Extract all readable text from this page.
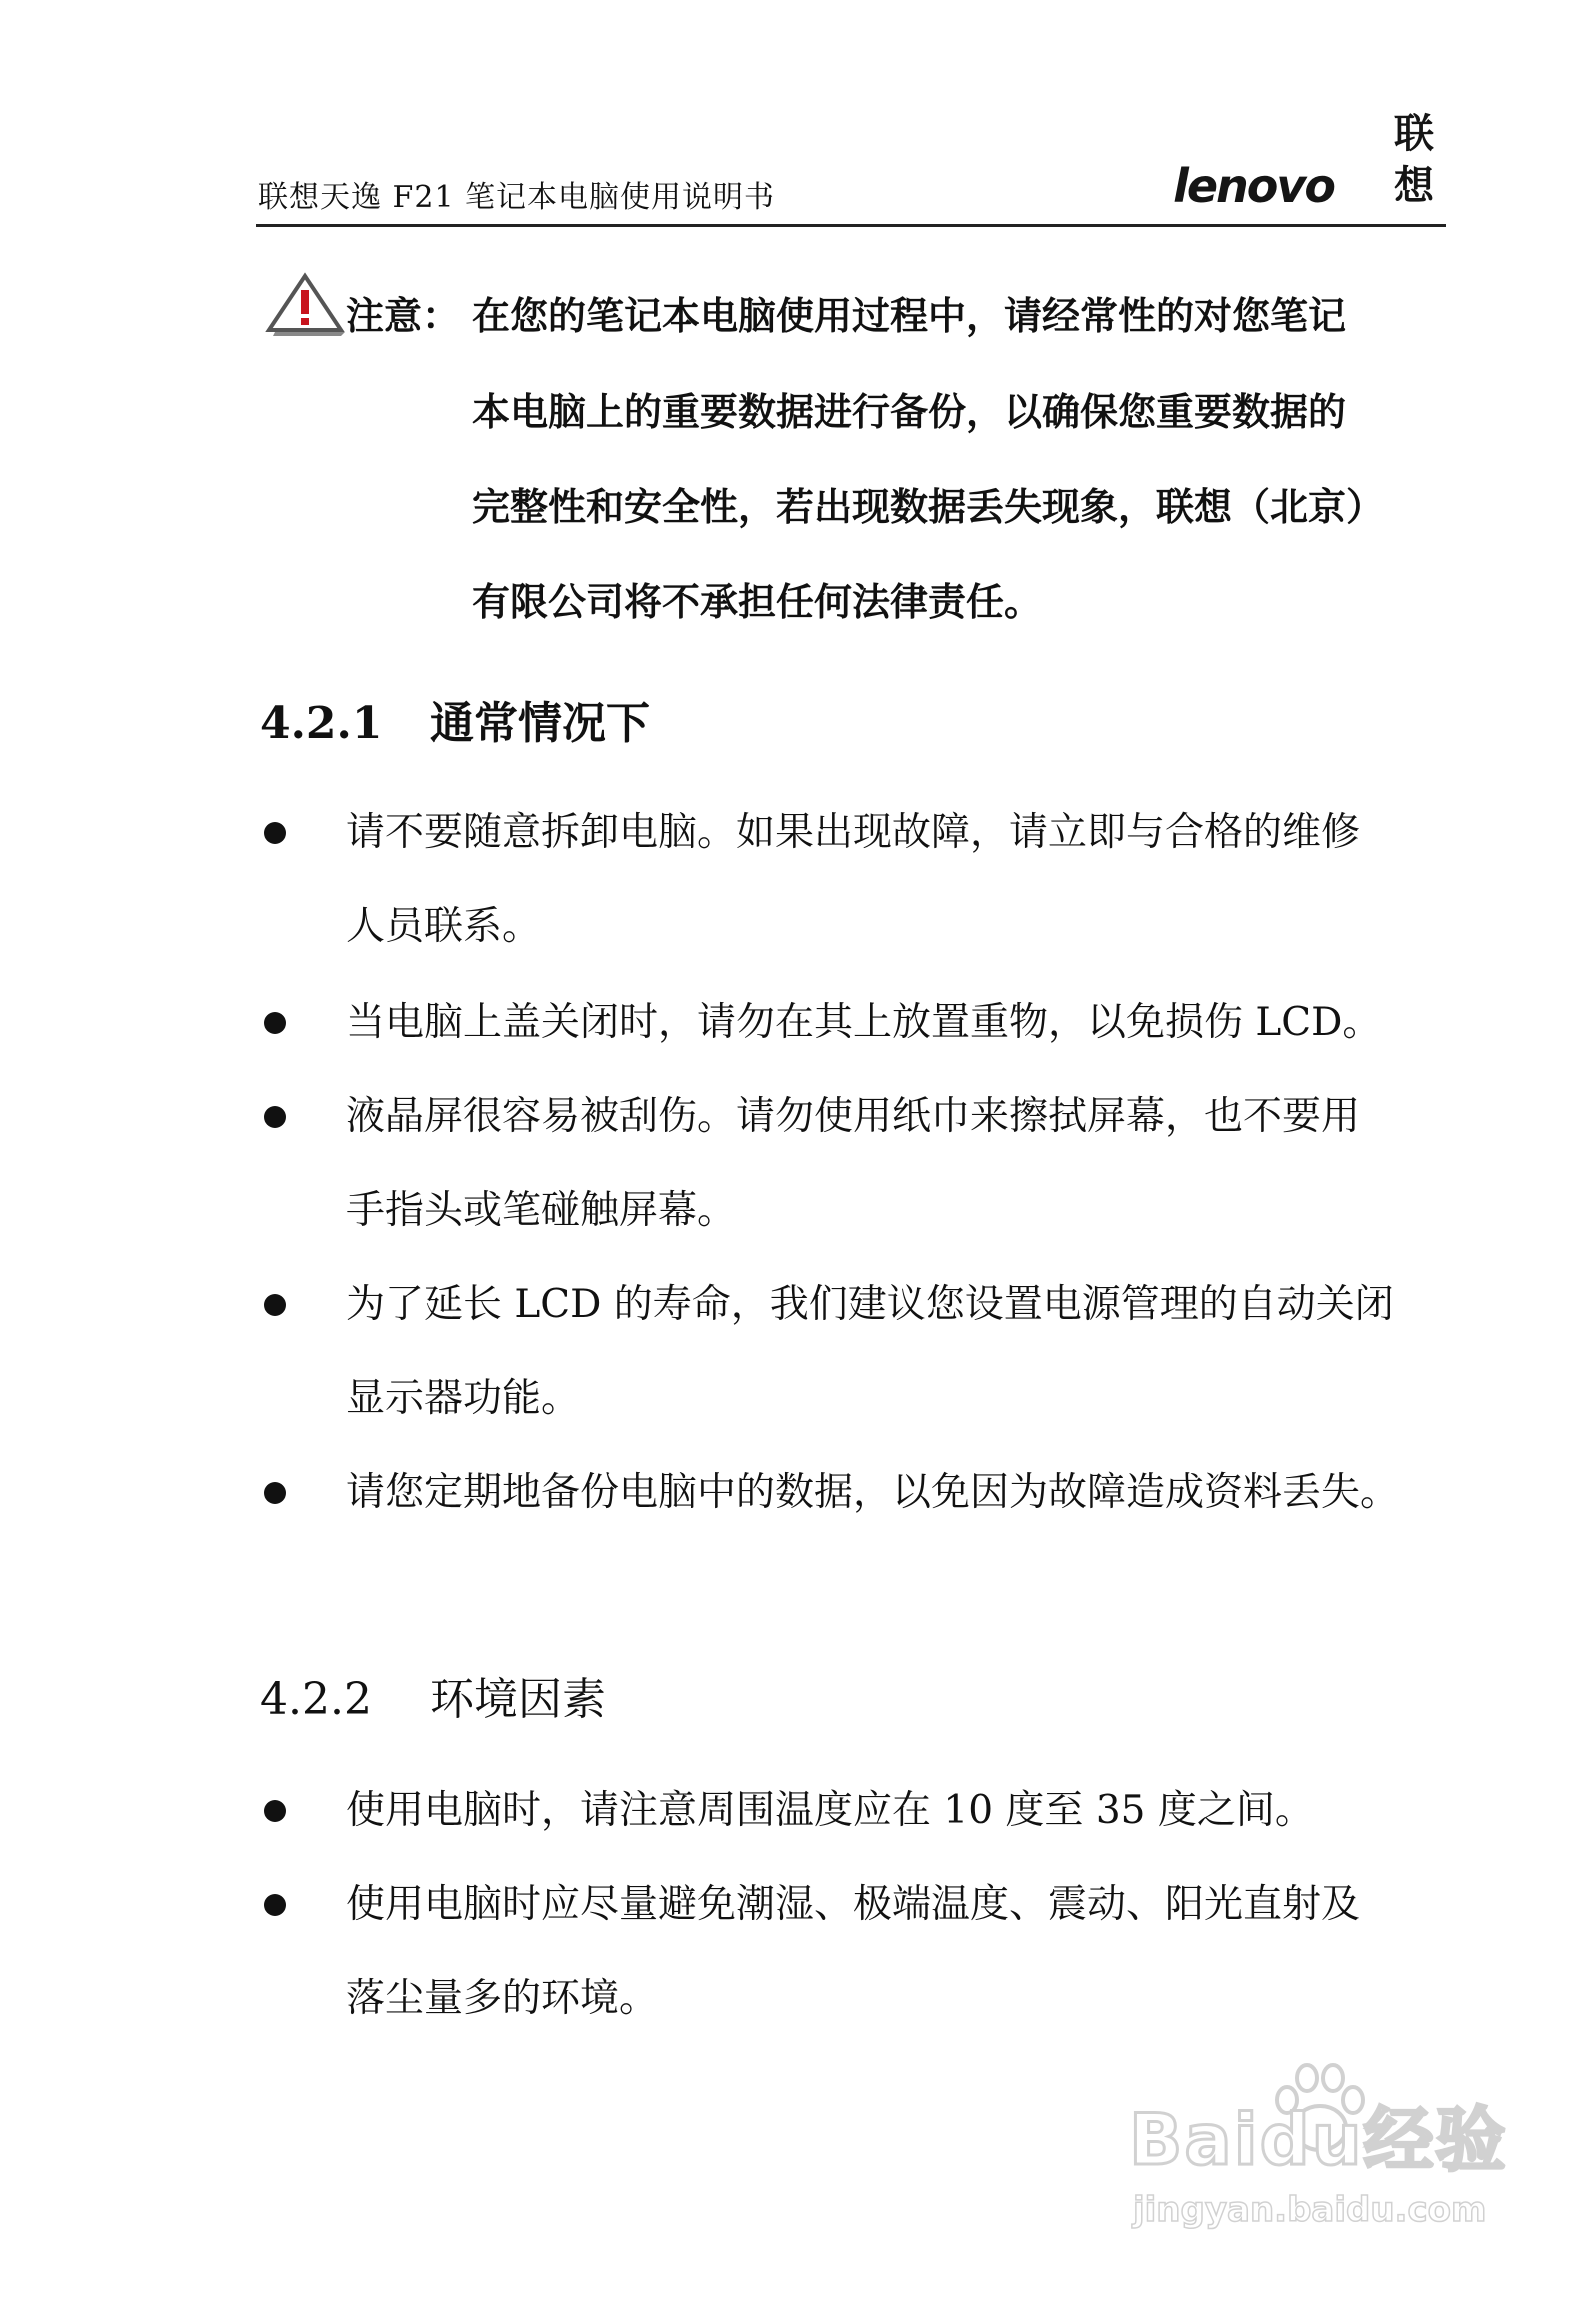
联想天逸 F21 笔记本电脑使用说明书	lenovo
联想
注意： 在您的笔记本电脑使用过程中，请经常性的对您笔记
本电脑上的重要数据进行备份，以确保您重要数据的
完整性和安全性，若出现数据丢失现象，联想（北京）
有限公司将不承担任何法律责任。
4.2.1 通常情况下
请不要随意拆卸电脑。如果出现故障，请立即与合格的维修
人员联系。
当电脑上盖关闭时，请勿在其上放置重物，以免损伤 LCD。
液晶屏很容易被刮伤。请勿使用纸巾来擦拭屏幕，也不要用
手指头或笔碰触屏幕。
为了延长 LCD 的寿命，我们建议您设置电源管理的自动关闭
显示器功能。
请您定期地备份电脑中的数据，以免因为故障造成资料丢失。
4.2.2 环境因素
使用电脑时，请注意周围温度应在 10 度至 35 度之间。
使用电脑时应尽量避免潮湿、极端温度、震动、阳光直射及
落尘量多的环境。
Baidu经验
jingyan.baidu.com
